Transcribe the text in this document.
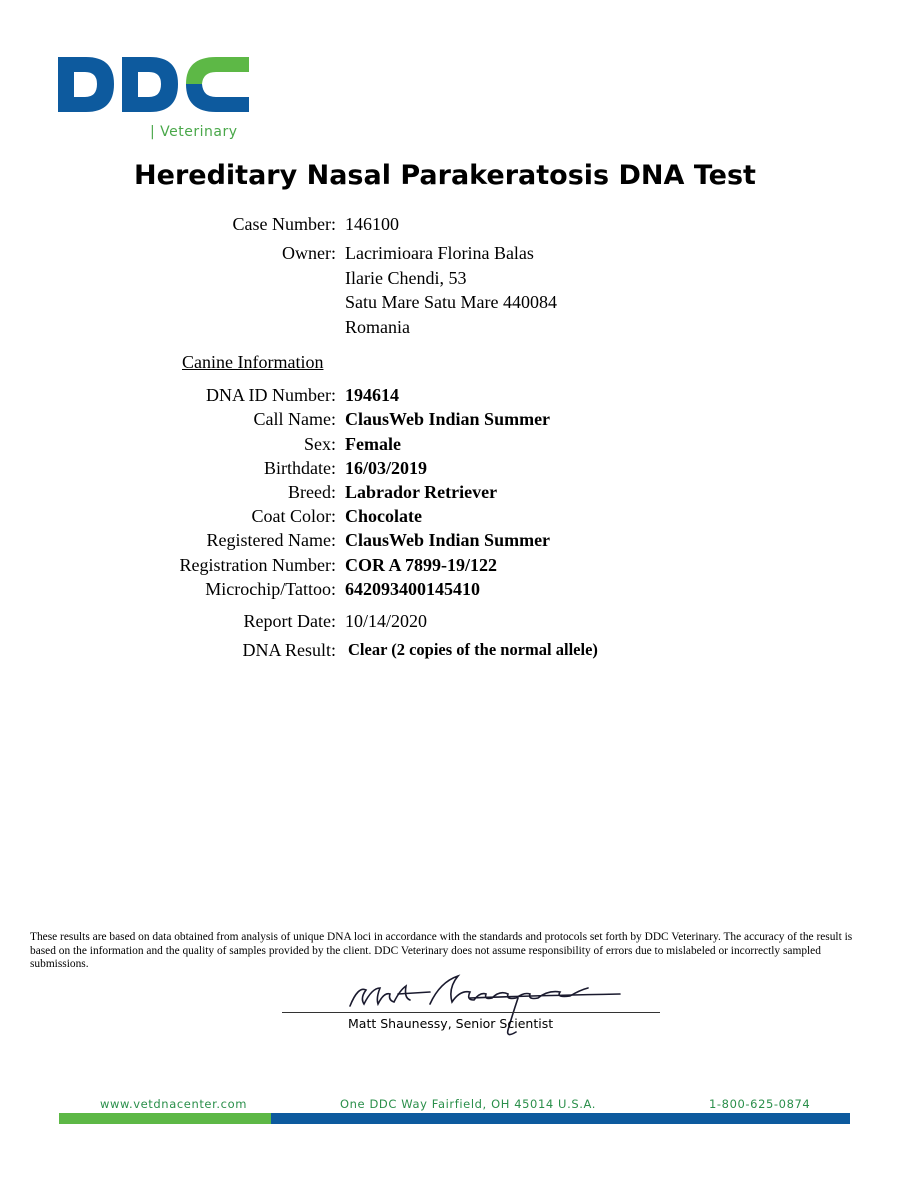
| Veterinary
Hereditary Nasal Parakeratosis DNA Test
Case Number: 146100
Owner: Lacrimioara Florina Balas
Ilarie Chendi, 53
Satu Mare Satu Mare 440084
Romania
Canine Information
DNA ID Number: 194614
Call Name: ClausWeb Indian Summer
Sex: Female
Birthdate: 16/03/2019
Breed: Labrador Retriever
Coat Color: Chocolate
Registered Name: ClausWeb Indian Summer
Registration Number: COR A 7899-19/122
Microchip/Tattoo: 642093400145410
Report Date: 10/14/2020
DNA Result: Clear (2 copies of the normal allele)
These results are based on data obtained from analysis of unique DNA loci in accordance with the standards and protocols set forth by DDC Veterinary. The accuracy of the result is based on the information and the quality of samples provided by the client. DDC Veterinary does not assume responsibility of errors due to mislabeled or incorrectly sampled submissions.
Matt Shaunessy, Senior Scientist
www.vetdnacenter.com	One DDC Way Fairfield, OH 45014 U.S.A.	1-800-625-0874
